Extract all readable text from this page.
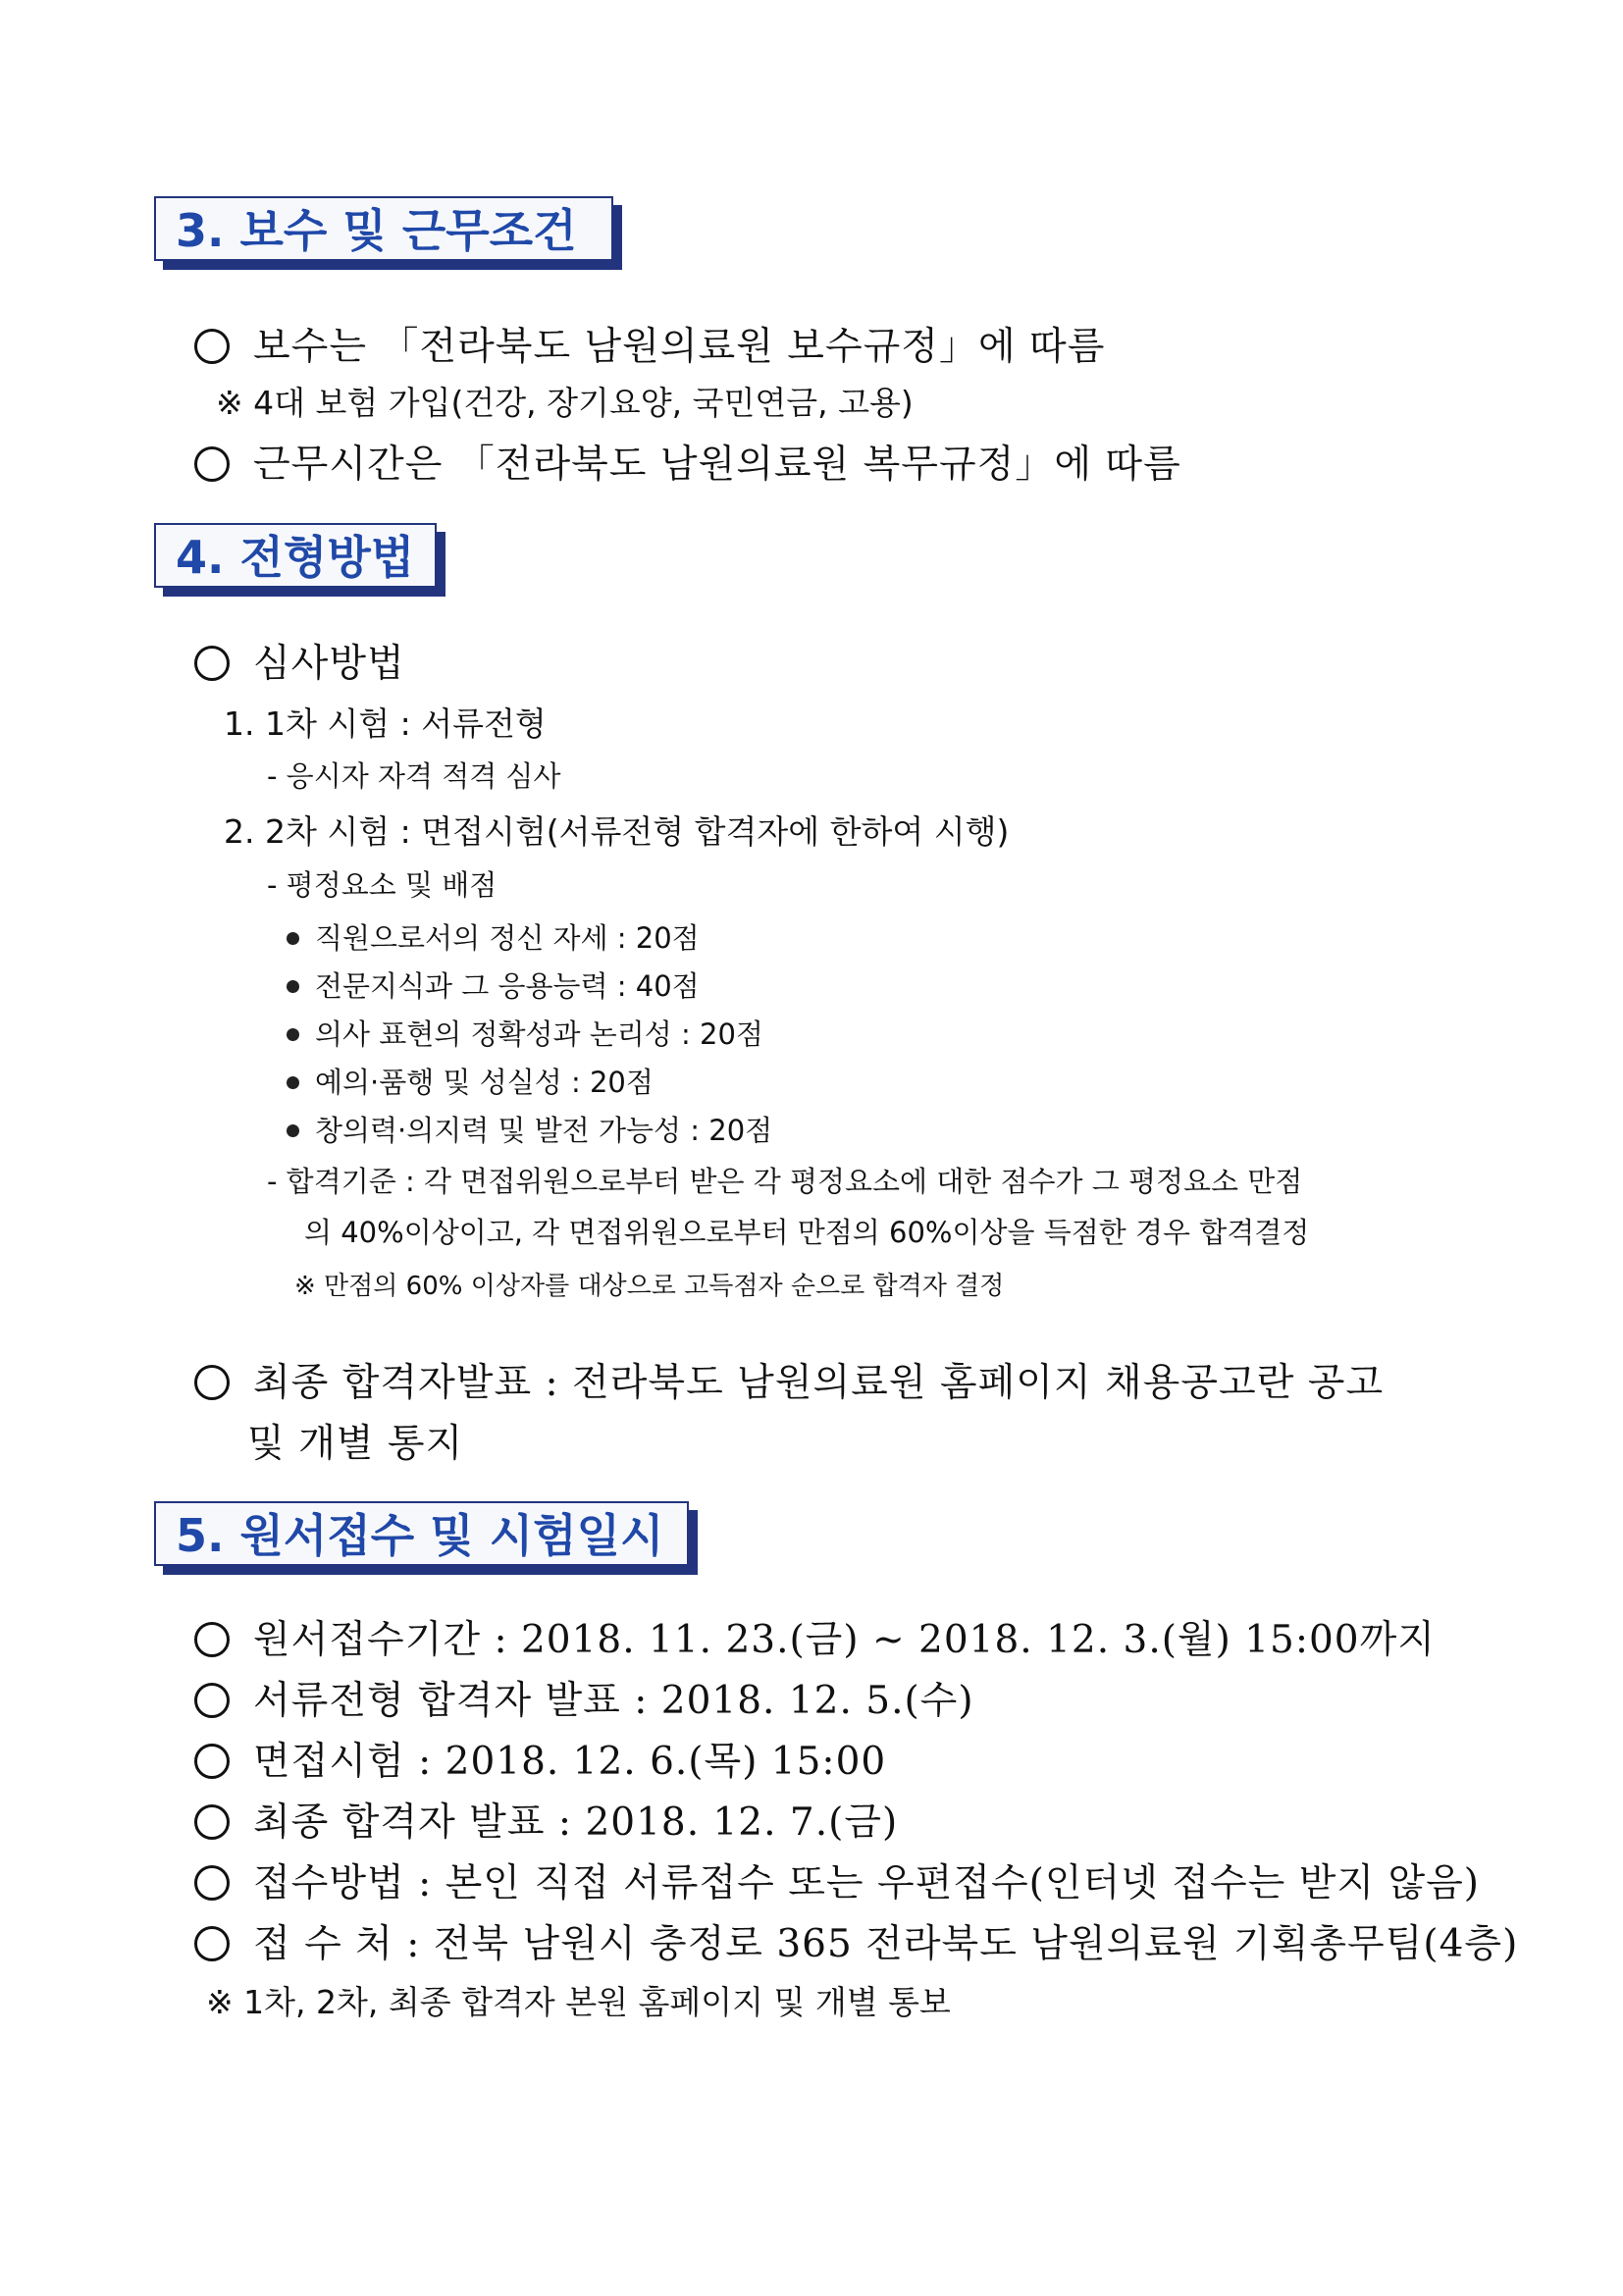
3. 보수 및 근무조건
보수는 「전라북도 남원의료원 보수규정」에 따름
※ 4대 보험 가입(건강, 장기요양, 국민연금, 고용)
근무시간은 「전라북도 남원의료원 복무규정」에 따름
4. 전형방법
심사방법
1. 1차 시험 : 서류전형
- 응시자 자격 적격 심사
2. 2차 시험 : 면접시험(서류전형 합격자에 한하여 시행)
- 평정요소 및 배점
직원으로서의 정신 자세 : 20점
전문지식과 그 응용능력 : 40점
의사 표현의 정확성과 논리성 : 20점
예의·품행 및 성실성 : 20점
창의력·의지력 및 발전 가능성 : 20점
- 합격기준 : 각 면접위원으로부터 받은 각 평정요소에 대한 점수가 그 평정요소 만점
의 40%이상이고, 각 면접위원으로부터 만점의 60%이상을 득점한 경우 합격결정
※ 만점의 60% 이상자를 대상으로 고득점자 순으로 합격자 결정
최종 합격자발표 : 전라북도 남원의료원 홈페이지 채용공고란 공고
및 개별 통지
5. 원서접수 및 시험일시
원서접수기간 : 2018. 11. 23.(금) ~ 2018. 12. 3.(월) 15:00까지
서류전형 합격자 발표 : 2018. 12. 5.(수)
면접시험 : 2018. 12. 6.(목) 15:00
최종 합격자 발표 : 2018. 12. 7.(금)
접수방법 : 본인 직접 서류접수 또는 우편접수(인터넷 접수는 받지 않음)
접 수 처 : 전북 남원시 충정로 365 전라북도 남원의료원 기획총무팀(4층)
※ 1차, 2차, 최종 합격자 본원 홈페이지 및 개별 통보
